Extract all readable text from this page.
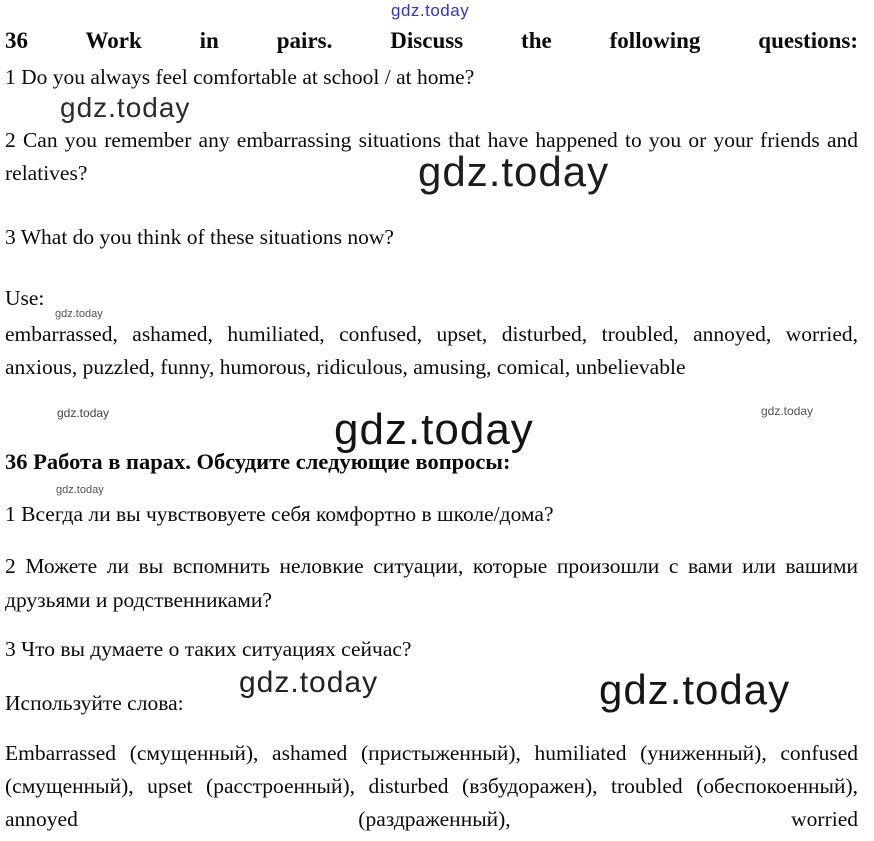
gdz.today
gdz.today
gdz.today
gdz.today
gdz.today	gdz.today
gdz.today
gdz.today
gdz.today	gdz.today
36 Work in pairs. Discuss the following questions:
1 Do you always feel comfortable at school / at home?
2 Can you remember any embarrassing situations that have happened to you or your friends and relatives?
3 What do you think of these situations now?
Use:
embarrassed, ashamed, humiliated, confused, upset, disturbed, troubled, annoyed, worried, anxious, puzzled, funny, humorous, ridiculous, amusing, comical, unbelievable
36 Работа в парах. Обсудите следующие вопросы:
1 Всегда ли вы чувствовуете себя комфортно в школе/дома?
2 Можете ли вы вспомнить неловкие ситуации, которые произошли с вами или вашими друзьями и родственниками?
3 Что вы думаете о таких ситуациях сейчас?
Используйте слова:
Embarrassed (смущенный), ashamed (пристыженный), humiliated (униженный), confused (смущенный), upset (расстроенный), disturbed (взбудоражен), troubled (обеспокоенный), annoyed (раздраженный), worried
